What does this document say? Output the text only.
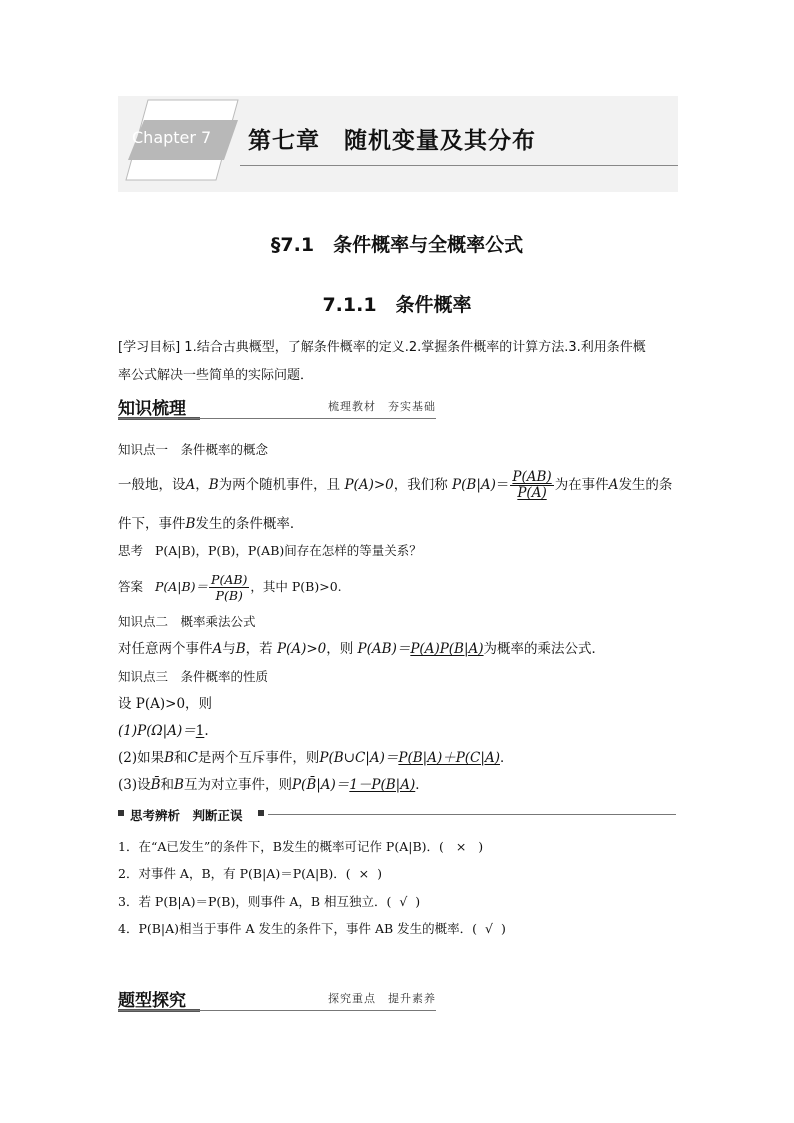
Chapter 7 第七章　随机变量及其分布
§7.1　条件概率与全概率公式
7.1.1　条件概率
[学习目标] 1.结合古典概型，了解条件概率的定义.2.掌握条件概率的计算方法.3.利用条件概
率公式解决一些简单的实际问题．
知识梳理	梳理教材　夯实基础
知识点一　条件概率的概念
一般地，设A，B为两个随机事件，且 P(A)>0，我们称 $P(B|A)= \frac{P(AB)}{P(A)}$ 为在事件A发生的条
件下，事件B发生的条件概率．
思考 P(A|B)，P(B)，P(AB)间存在怎样的等量关系？
答案 $P(A|B)= \frac{P(AB)}{P(B)}$ ，其中 P(B)>0.
知识点二　概率乘法公式
对任意两个事件A与B，若 P(A)>0，则 P(AB)＝P(A)P(B|A)为概率的乘法公式．
知识点三　条件概率的性质
设 P(A)>0，则
(1)P(Ω|A)＝1.
(2)如果B和C是两个互斥事件，则P(B∪C|A)＝P(B|A)＋P(C|A)．
(3)设B̄和B互为对立事件，则P(B̄|A)＝1－P(B|A)．
思考辨析　判断正误
1．在“A已发生”的条件下，B发生的概率可记作 P(A|B)．( × )
2．对事件 A，B，有 P(B|A)＝P(A|B)．( × )
3．若 P(B|A)＝P(B)，则事件 A，B 相互独立．( √ )
4．P(B|A)相当于事件 A 发生的条件下，事件 AB 发生的概率．( √ )
题型探究	探究重点　提升素养
